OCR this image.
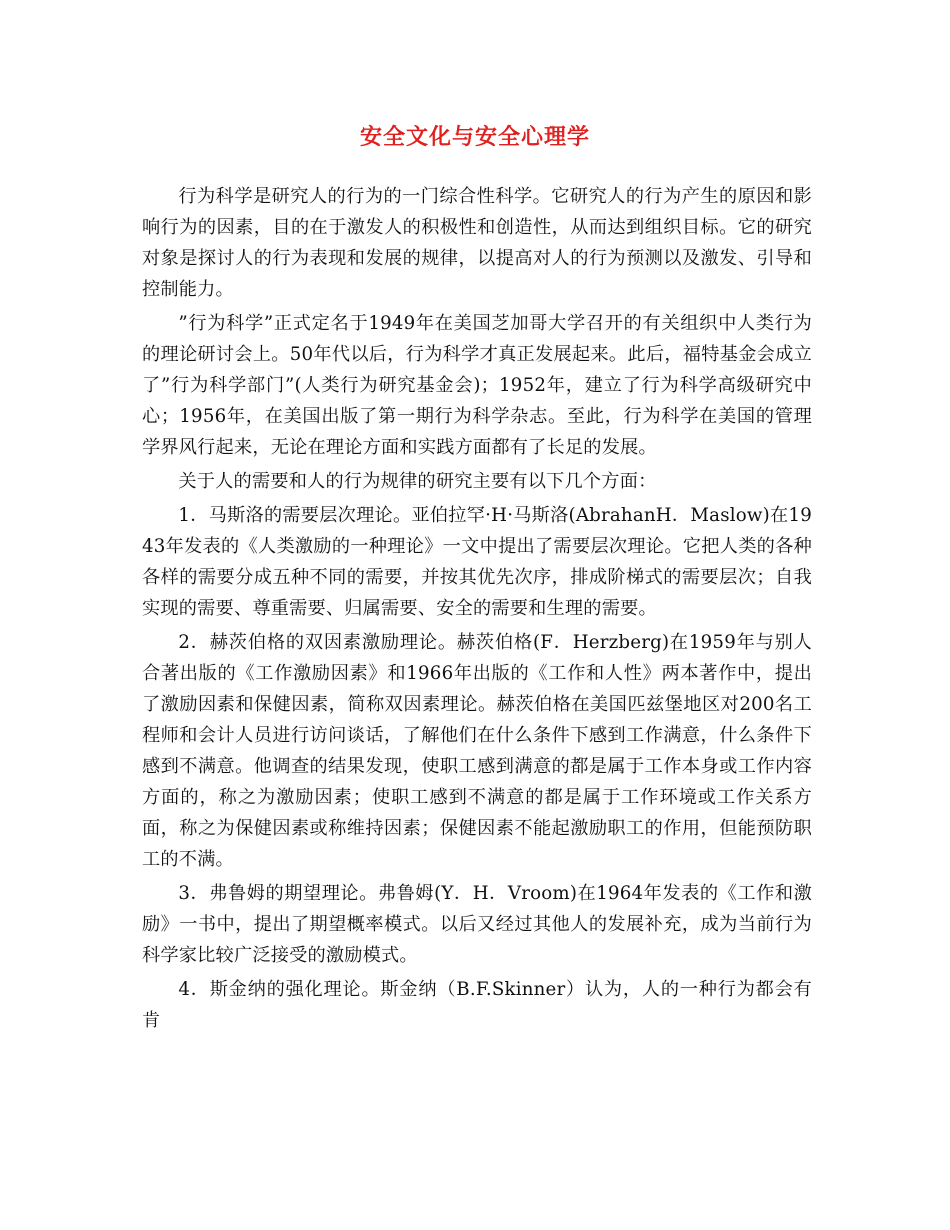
安全文化与安全心理学

行为科学是研究人的行为的一门综合性科学。它研究人的行为产生的原因和影响行为的因素，目的在于激发人的积极性和创造性，从而达到组织目标。它的研究对象是探讨人的行为表现和发展的规律，以提高对人的行为预测以及激发、引导和控制能力。

”行为科学”正式定名于1949年在美国芝加哥大学召开的有关组织中人类行为的理论研讨会上。50年代以后，行为科学才真正发展起来。此后，福特基金会成立了”行为科学部门”(人类行为研究基金会)；1952年，建立了行为科学高级研究中心；1956年，在美国出版了第一期行为科学杂志。至此，行为科学在美国的管理学界风行起来，无论在理论方面和实践方面都有了长足的发展。

关于人的需要和人的行为规律的研究主要有以下几个方面：

1．马斯洛的需要层次理论。亚伯拉罕·H·马斯洛(AbrahanH．Maslow)在1943年发表的《人类激励的一种理论》一文中提出了需要层次理论。它把人类的各种各样的需要分成五种不同的需要，并按其优先次序，排成阶梯式的需要层次；自我实现的需要、尊重需要、归属需要、安全的需要和生理的需要。

2．赫茨伯格的双因素激励理论。赫茨伯格(F．Herzberg)在1959年与别人合著出版的《工作激励因素》和1966年出版的《工作和人性》两本著作中，提出了激励因素和保健因素，简称双因素理论。赫茨伯格在美国匹兹堡地区对200名工程师和会计人员进行访问谈话，了解他们在什么条件下感到工作满意，什么条件下感到不满意。他调查的结果发现，使职工感到满意的都是属于工作本身或工作内容方面的，称之为激励因素；使职工感到不满意的都是属于工作环境或工作关系方面，称之为保健因素或称维持因素；保健因素不能起激励职工的作用，但能预防职工的不满。

3．弗鲁姆的期望理论。弗鲁姆(Y．H．Vroom)在1964年发表的《工作和激励》一书中，提出了期望概率模式。以后又经过其他人的发展补充，成为当前行为科学家比较广泛接受的激励模式。

4．斯金纳的强化理论。斯金纳（B.F.Skinner）认为，人的一种行为都会有肯
